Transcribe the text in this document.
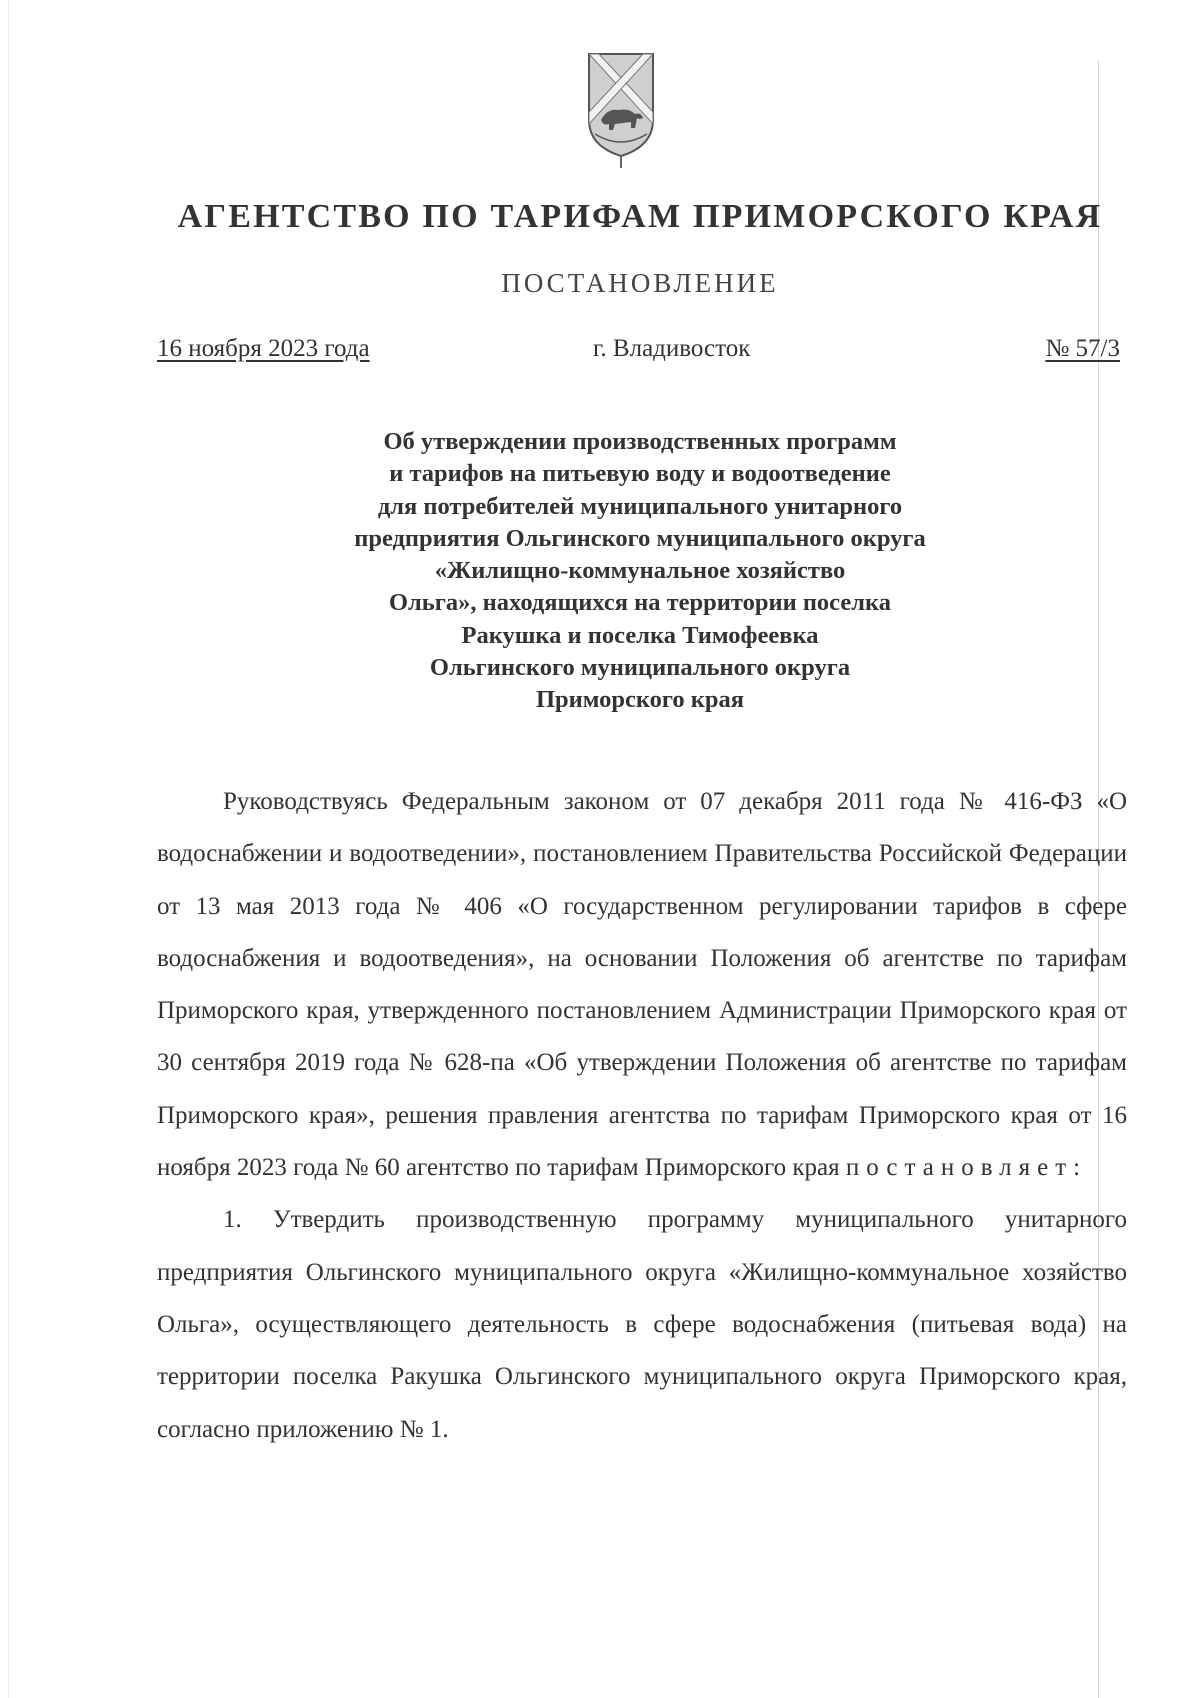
АГЕНТСТВО ПО ТАРИФАМ ПРИМОРСКОГО КРАЯ
ПОСТАНОВЛЕНИЕ
16 ноября 2023 года	г. Владивосток	№ 57/3
Об утверждении производственных программ
и тарифов на питьевую воду и водоотведение
для потребителей муниципального унитарного
предприятия Ольгинского муниципального округа
«Жилищно-коммунальное хозяйство
Ольга», находящихся на территории поселка
Ракушка и поселка Тимофеевка
Ольгинского муниципального округа
Приморского края

Руководствуясь Федеральным законом от 07 декабря 2011 года № 416-ФЗ «О водоснабжении и водоотведении», постановлением Правительства Российской Федерации от 13 мая 2013 года № 406 «О государственном регулировании тарифов в сфере водоснабжения и водоотведения», на основании Положения об агентстве по тарифам Приморского края, утвержденного постановлением Администрации Приморского края от 30 сентября 2019 года № 628-па «Об утверждении Положения об агентстве по тарифам Приморского края», решения правления агентства по тарифам Приморского края от 16 ноября 2023 года № 60 агентство по тарифам Приморского края постановляет:

1. Утвердить производственную программу муниципального унитарного предприятия Ольгинского муниципального округа «Жилищно-коммунальное хозяйство Ольга», осуществляющего деятельность в сфере водоснабжения (питьевая вода) на территории поселка Ракушка Ольгинского муниципального округа Приморского края, согласно приложению № 1.
